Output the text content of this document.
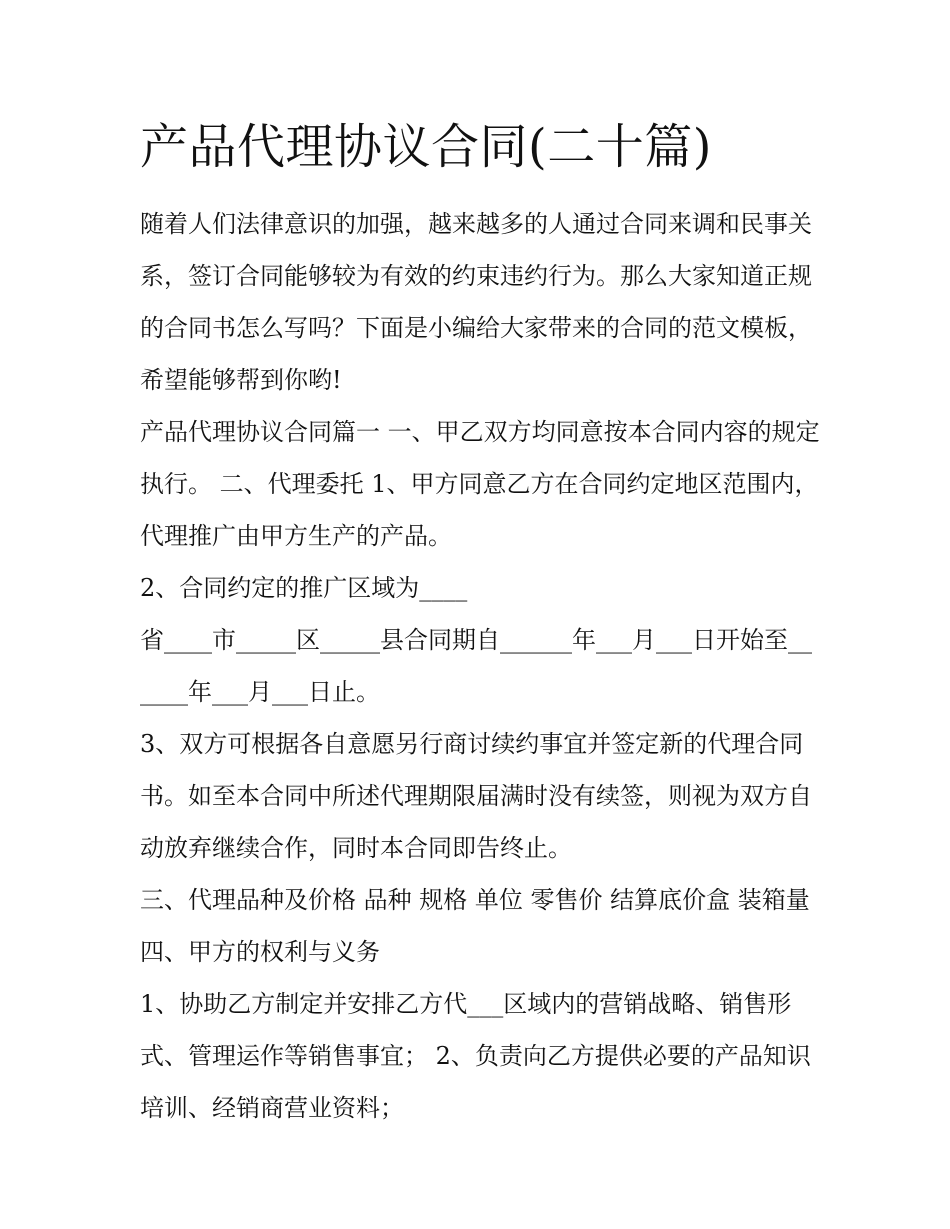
产品代理协议合同(二十篇)

随着人们法律意识的加强，越来越多的人通过合同来调和民事关系，签订合同能够较为有效的约束违约行为。那么大家知道正规的合同书怎么写吗？下面是小编给大家带来的合同的范文模板，希望能够帮到你哟!

产品代理协议合同篇一 一、甲乙双方均同意按本合同内容的规定执行。 二、代理委托 1、甲方同意乙方在合同约定地区范围内，代理推广由甲方生产的产品。

2、合同约定的推广区域为____

省____市_____区_____县合同期自______年___月___日开始至______年___月___日止。

3、双方可根据各自意愿另行商讨续约事宜并签定新的代理合同书。如至本合同中所述代理期限届满时没有续签，则视为双方自动放弃继续合作，同时本合同即告终止。

三、代理品种及价格 品种 规格 单位 零售价 结算底价盒 装箱量 四、甲方的权利与义务

1、协助乙方制定并安排乙方代___区域内的营销战略、销售形式、管理运作等销售事宜； 2、负责向乙方提供必要的产品知识培训、经销商营业资料；
